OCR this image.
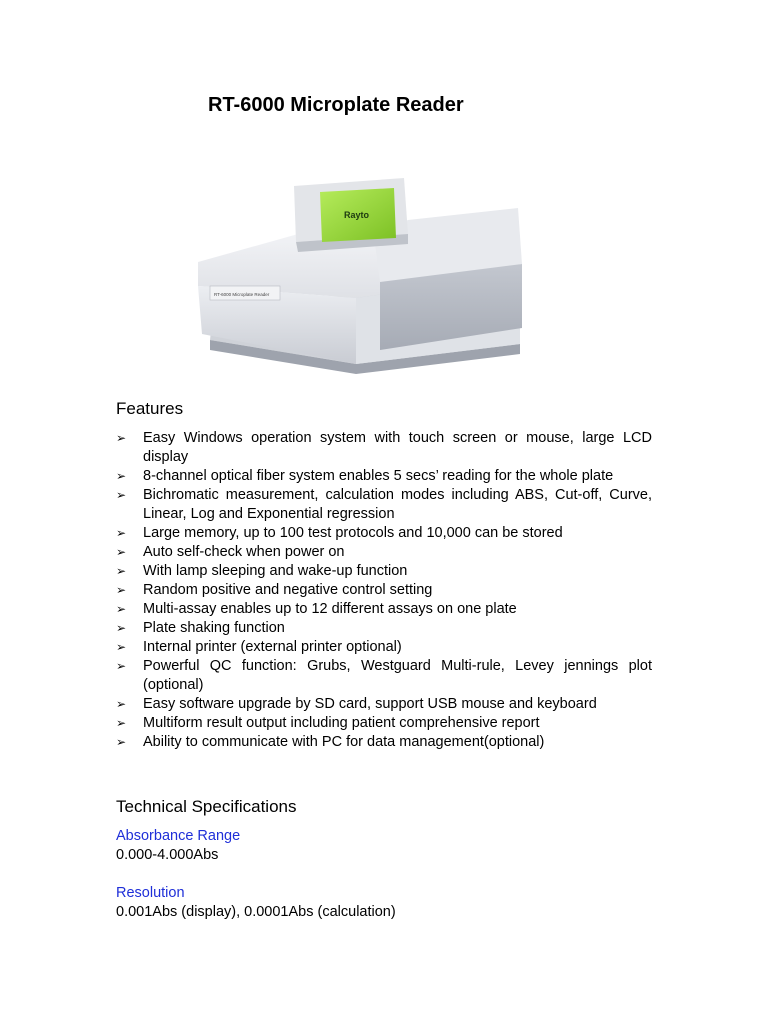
RT-6000 Microplate Reader
Rayto
RT-6000 Microplate Reader
Features
➢ Easy Windows operation system with touch screen or mouse, large LCD display
➢ 8-channel optical fiber system enables 5 secs’ reading for the whole plate
➢ Bichromatic measurement, calculation modes including ABS, Cut-off, Curve, Linear, Log and Exponential regression
➢ Large memory, up to 100 test protocols and 10,000 can be stored
➢ Auto self-check when power on
➢ With lamp sleeping and wake-up function
➢ Random positive and negative control setting
➢ Multi-assay enables up to 12 different assays on one plate
➢ Plate shaking function
➢ Internal printer (external printer optional)
➢ Powerful QC function: Grubs, Westguard Multi-rule, Levey jennings plot (optional)
➢ Easy software upgrade by SD card, support USB mouse and keyboard
➢ Multiform result output including patient comprehensive report
➢ Ability to communicate with PC for data management(optional)
Technical Specifications

Absorbance Range

0.000-4.000Abs

Resolution

0.001Abs (display), 0.0001Abs (calculation)
